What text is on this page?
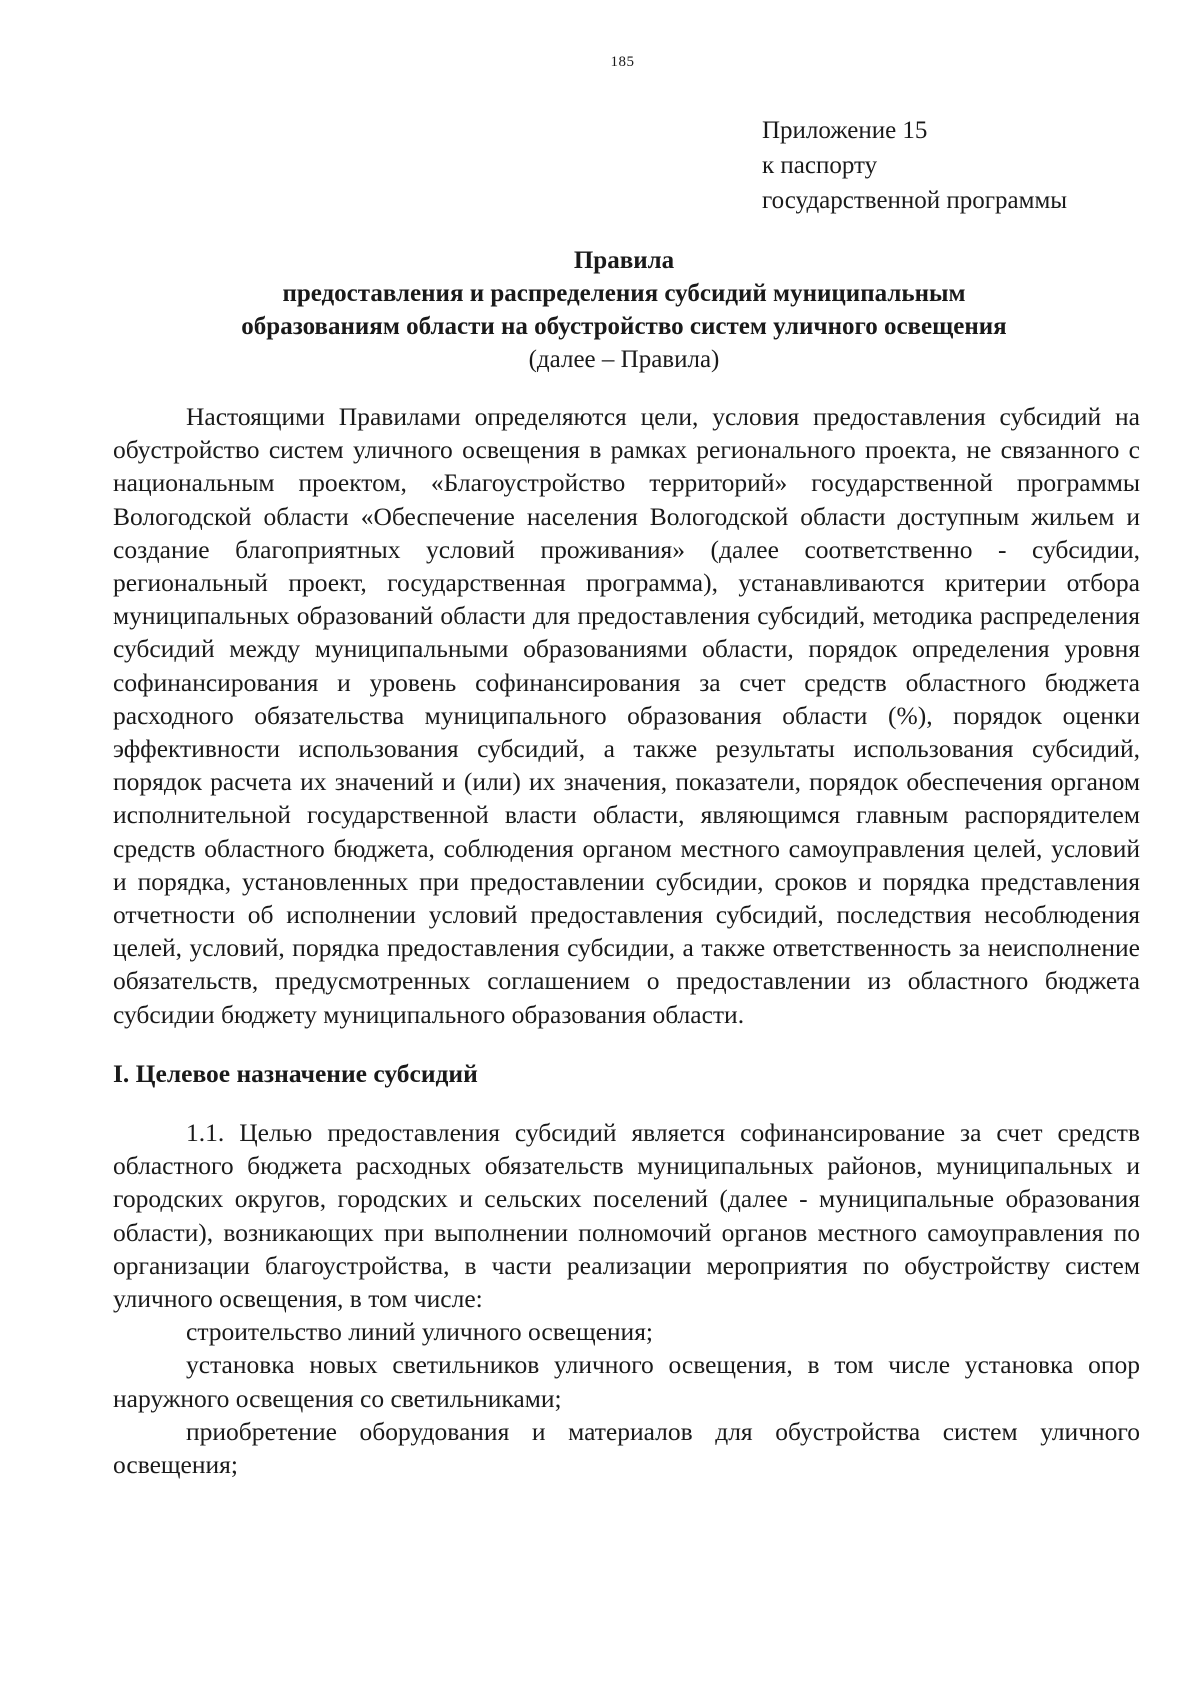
185
Приложение 15
к паспорту
государственной программы
Правила
предоставления и распределения субсидий муниципальным
образованиям области на обустройство систем уличного освещения
(далее – Правила)

Настоящими Правилами определяются цели, условия предоставления субсидий на обустройство систем уличного освещения в рамках регионального проекта, не связанного с национальным проектом, «Благоустройство территорий» государственной программы Вологодской области «Обеспечение населения Вологодской области доступным жильем и создание благоприятных условий проживания» (далее соответственно - субсидии, региональный проект, государственная программа), устанавливаются критерии отбора муниципальных образований области для предоставления субсидий, методика распределения субсидий между муниципальными образованиями области, порядок определения уровня софинансирования и уровень софинансирования за счет средств областного бюджета расходного обязательства муниципального образования области (%), порядок оценки эффективности использования субсидий, а также результаты использования субсидий, порядок расчета их значений и (или) их значения, показатели, порядок обеспечения органом исполнительной государственной власти области, являющимся главным распорядителем средств областного бюджета, соблюдения органом местного самоуправления целей, условий и порядка, установленных при предоставлении субсидии, сроков и порядка представления отчетности об исполнении условий предоставления субсидий, последствия несоблюдения целей, условий, порядка предоставления субсидии, а также ответственность за неисполнение обязательств, предусмотренных соглашением о предоставлении из областного бюджета субсидии бюджету муниципального образования области.

I. Целевое назначение субсидий

1.1. Целью предоставления субсидий является софинансирование за счет средств областного бюджета расходных обязательств муниципальных районов, муниципальных и городских округов, городских и сельских поселений (далее - муниципальные образования области), возникающих при выполнении полномочий органов местного самоуправления по организации благоустройства, в части реализации мероприятия по обустройству систем уличного освещения, в том числе:

строительство линий уличного освещения;

установка новых светильников уличного освещения, в том числе установка опор наружного освещения со светильниками;

приобретение оборудования и материалов для обустройства систем уличного освещения;
